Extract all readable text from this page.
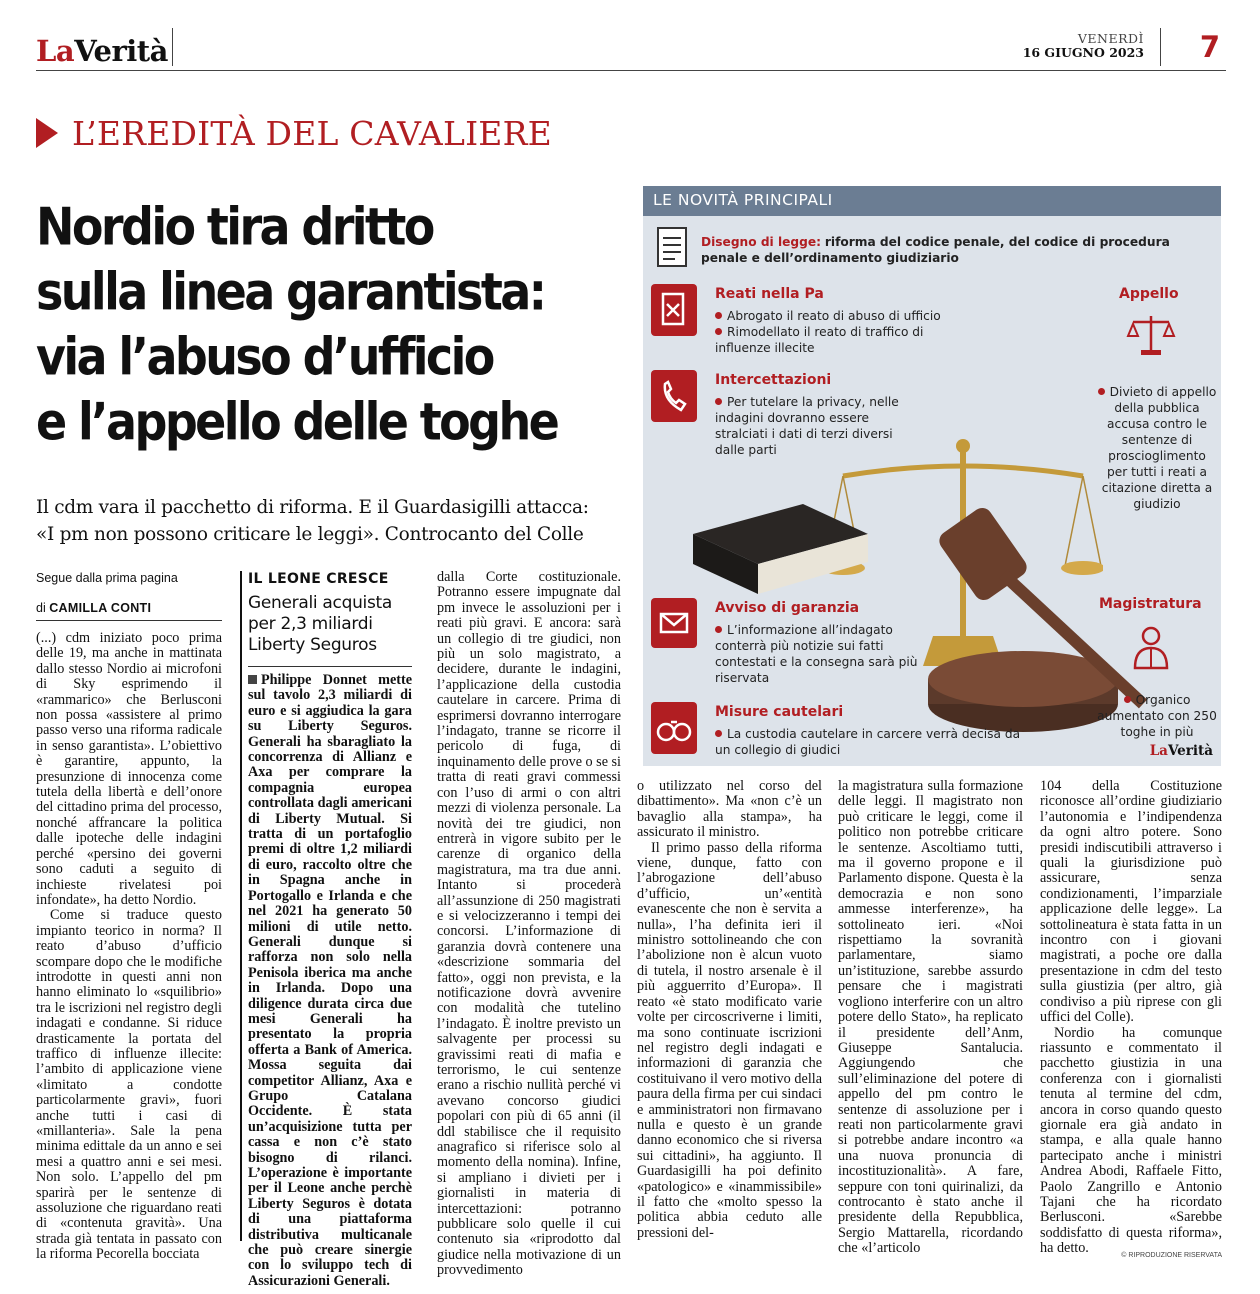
LaVerità	VENERDÌ
16 GIUGNO 2023 7
L’EREDITÀ DEL CAVALIERE
Nordio tira dritto
sulla linea garantista:
via l’abuso d’ufficio
e l’appello delle toghe
Il cdm vara il pacchetto di riforma. E il Guardasigilli attacca:
«I pm non possono criticare le leggi». Controcanto del Colle
Segue dalla prima pagina
di CAMILLA CONTI

(...) cdm iniziato poco prima delle 19, ma anche in mattinata dallo stesso Nordio ai microfoni di Sky esprimendo il «rammarico» che Berlusconi non possa «assistere al primo passo verso una riforma radicale in senso garantista». L’obiettivo è garantire, appunto, la presunzione di innocenza come tutela della libertà e dell’onore del cittadino prima del processo, nonché affrancare la politica dalle ipoteche delle indagini perché «persino dei governi sono caduti a seguito di inchieste rivelatesi poi infondate», ha detto Nordio.

Come si traduce questo impianto teorico in norma? Il reato d’abuso d’ufficio scompare dopo che le modifiche introdotte in questi anni non hanno eliminato lo «squilibrio» tra le iscrizioni nel registro degli indagati e condanne. Si riduce drasticamente la portata del traffico di influenze illecite: l’ambito di applicazione viene «limitato a condotte particolarmente gravi», fuori anche tutti i casi di «millanteria». Sale la pena minima edittale da un anno e sei mesi a quattro anni e sei mesi. Non solo. L’appello del pm sparirà per le sentenze di assoluzione che riguardano reati di «contenuta gravità». Una strada già tentata in passato con la riforma Pecorella bocciata

IL LEONE CRESCE
Generali acquista per 2,3 miliardi Liberty Seguros
Philippe Donnet mette sul tavolo 2,3 miliardi di euro e si aggiudica la gara su Liberty Seguros. Generali ha sbaragliato la concorrenza di Allianz e Axa per comprare la compagnia europea controllata dagli americani di Liberty Mutual. Si tratta di un portafoglio premi di oltre 1,2 miliardi di euro, raccolto oltre che in Spagna anche in Portogallo e Irlanda e che nel 2021 ha generato 50 milioni di utile netto. Generali dunque si rafforza non solo nella Penisola iberica ma anche in Irlanda. Dopo una diligence durata circa due mesi Generali ha presentato la propria offerta a Bank of America. Mossa seguita dai competitor Allianz, Axa e Grupo Catalana Occidente. È stata un’acquisizione tutta per cassa e non c’è stato bisogno di rilanci. L’operazione è importante per il Leone anche perchè Liberty Seguros è dotata di una piattaforma distributiva multicanale che può creare sinergie con lo sviluppo tech di Assicurazioni Generali.

dalla Corte costituzionale. Potranno essere impugnate dal pm invece le assoluzioni per i reati più gravi. E ancora: sarà un collegio di tre giudici, non più un solo magistrato, a decidere, durante le indagini, l’applicazione della custodia cautelare in carcere. Prima di esprimersi dovranno interrogare l’indagato, tranne se ricorre il pericolo di fuga, di inquinamento delle prove o se si tratta di reati gravi commessi con l’uso di armi o con altri mezzi di violenza personale. La novità dei tre giudici, non entrerà in vigore subito per le carenze di organico della magistratura, ma tra due anni. Intanto si procederà all’assunzione di 250 magistrati e si velocizzeranno i tempi dei concorsi. L’informazione di garanzia dovrà contenere una «descrizione sommaria del fatto», oggi non prevista, e la notificazione dovrà avvenire con modalità che tutelino l’indagato. È inoltre previsto un salvagente per processi su gravissimi reati di mafia e terrorismo, le cui sentenze erano a rischio nullità perché vi avevano concorso giudici popolari con più di 65 anni (il ddl stabilisce che il requisito anagrafico si riferisce solo al momento della nomina). Infine, si ampliano i divieti per i giornalisti in materia di intercettazioni: potranno pubblicare solo quelle il cui contenuto sia «riprodotto dal giudice nella motivazione di un provvedimento

LE NOVITÀ PRINCIPALI
Disegno di legge: riforma del codice penale, del codice di procedura penale e dell’ordinamento giudiziario
Reati nella Pa
Abrogato il reato di abuso di ufficio
Rimodellato il reato di traffico di influenze illecite
Intercettazioni
Per tutelare la privacy, nelle indagini dovranno essere stralciati i dati di terzi diversi dalle parti
Appello
Divieto di appello della pubblica accusa contro le sentenze di proscioglimento per tutti i reati a citazione diretta a giudizio
Avviso di garanzia
L’informazione all’indagato conterrà più notizie sui fatti contestati e la consegna sarà più riservata
Magistratura
Organico aumentato con 250 toghe in più
Misure cautelari
La custodia cautelare in carcere verrà decisa da un collegio di giudici	LaVerità

o utilizzato nel corso del dibattimento». Ma «non c’è un bavaglio alla stampa», ha assicurato il ministro.

Il primo passo della riforma viene, dunque, fatto con l’abrogazione dell’abuso d’ufficio, un’«entità evanescente che non è servita a nulla», l’ha definita ieri il ministro sottolineando che con l’abolizione non è alcun vuoto di tutela, il nostro arsenale è il più agguerrito d’Europa». Il reato «è stato modificato varie volte per circoscriverne i limiti, ma sono continuate iscrizioni nel registro degli indagati e informazioni di garanzia che costituivano il vero motivo della paura della firma per cui sindaci e amministratori non firmavano nulla e questo è un grande danno economico che si riversa sui cittadini», ha aggiunto. Il Guardasigilli ha poi definito «patologico» e «inammissibile» il fatto che «molto spesso la politica abbia ceduto alle pressioni del-

la magistratura sulla formazione delle leggi. Il magistrato non può criticare le leggi, come il politico non potrebbe criticare le sentenze. Ascoltiamo tutti, ma il governo propone e il Parlamento dispone. Questa è la democrazia e non sono ammesse interferenze», ha sottolineato ieri. «Noi rispettiamo la sovranità parlamentare, siamo un’istituzione, sarebbe assurdo pensare che i magistrati vogliono interferire con un altro potere dello Stato», ha replicato il presidente dell’Anm, Giuseppe Santalucia. Aggiungendo che sull’eliminazione del potere di appello del pm contro le sentenze di assoluzione per i reati non particolarmente gravi si potrebbe andare incontro «a una nuova pronuncia di incostituzionalità». A fare, seppure con toni quirinalizi, da controcanto è stato anche il presidente della Repubblica, Sergio Mattarella, ricordando che «l’articolo

104 della Costituzione riconosce all’ordine giudiziario l’autonomia e l’indipendenza da ogni altro potere. Sono presidi indiscutibili attraverso i quali la giurisdizione può assicurare, senza condizionamenti, l’imparziale applicazione delle legge». La sottolineatura è stata fatta in un incontro con i giovani magistrati, a poche ore dalla presentazione in cdm del testo sulla giustizia (per altro, già condiviso a più riprese con gli uffici del Colle).

Nordio ha comunque riassunto e commentato il pacchetto giustizia in una conferenza con i giornalisti tenuta al termine del cdm, ancora in corso quando questo giornale era già andato in stampa, e alla quale hanno partecipato anche i ministri Andrea Abodi, Raffaele Fitto, Paolo Zangrillo e Antonio Tajani che ha ricordato Berlusconi. «Sarebbe soddisfatto di questa riforma», ha detto.	© RIPRODUZIONE RISERVATA
